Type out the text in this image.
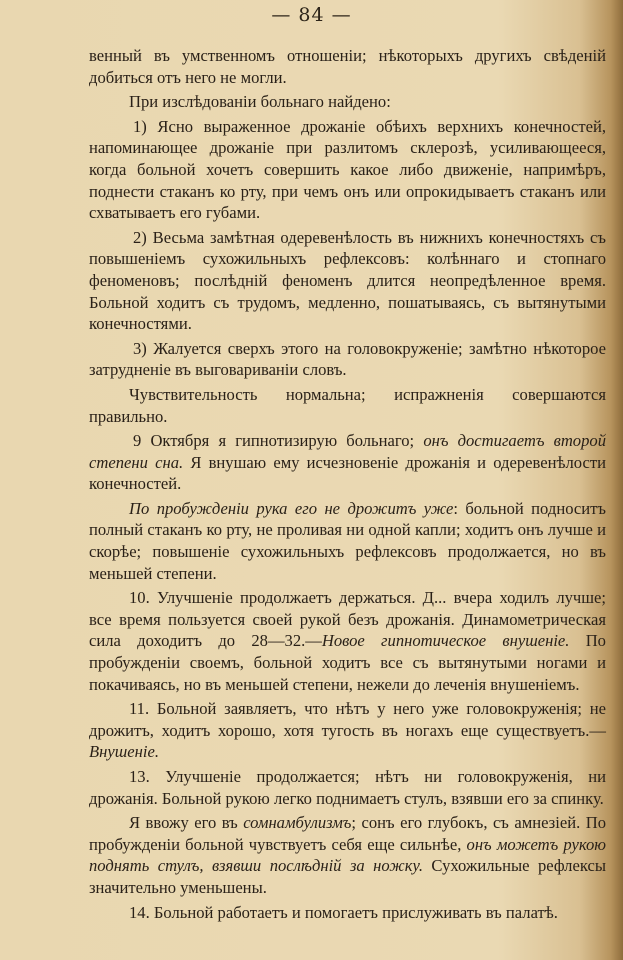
— 84 —

венный въ умственномъ отношеніи; нѣкоторыхъ другихъ свѣденій добиться отъ него не могли.

При изслѣдованіи больнаго найдено:

1) Ясно выраженное дрожаніе обѣихъ верхнихъ конечностей, напоминающее дрожаніе при разлитомъ склерозѣ, усиливающееся, когда больной хочетъ совершить какое либо движеніе, напримѣръ, поднести стаканъ ко рту, при чемъ онъ или опрокидываетъ стаканъ или схватываетъ его губами.

2) Весьма замѣтная одеревенѣлость въ нижнихъ конечностяхъ съ повышеніемъ сухожильныхъ рефлексовъ: колѣннаго и стопнаго феноменовъ; послѣдній феноменъ длится неопредѣленное время. Больной ходитъ съ трудомъ, медленно, пошатываясь, съ вытянутыми конечностями.

3) Жалуется сверхъ этого на головокруженіе; замѣтно нѣкоторое затрудненіе въ выговариваніи словъ.

Чувствительность нормальна; испражненія совершаются правильно.

9 Октября я гипнотизирую больнаго; онъ достигаетъ второй степени сна. Я внушаю ему исчезновеніе дрожанія и одеревенѣлости конечностей.

По пробужденіи рука его не дрожитъ уже: больной подноситъ полный стаканъ ко рту, не проливая ни одной капли; ходитъ онъ лучше и скорѣе; повышеніе сухожильныхъ рефлексовъ продолжается, но въ меньшей степени.

10. Улучшеніе продолжаетъ держаться. Д... вчера ходилъ лучше; все время пользуется своей рукой безъ дрожанія. Динамометрическая сила доходитъ до 28—32.—Новое гипнотическое внушеніе. По пробужденіи своемъ, больной ходитъ все съ вытянутыми ногами и покачиваясь, но въ меньшей степени, нежели до леченія внушеніемъ.

11. Больной заявляетъ, что нѣтъ у него уже головокруженія; не дрожитъ, ходитъ хорошо, хотя тугость въ ногахъ еще существуетъ.—Внушеніе.

13. Улучшеніе продолжается; нѣтъ ни головокруженія, ни дрожанія. Больной рукою легко поднимаетъ стулъ, взявши его за спинку.

Я ввожу его въ сомнамбулизмъ; сонъ его глубокъ, съ амнезіей. По пробужденіи больной чувствуетъ себя еще сильнѣе, онъ можетъ рукою поднять стулъ, взявши послѣдній за ножку. Сухожильные рефлексы значительно уменьшены.

14. Больной работаетъ и помогаетъ прислуживать въ палатѣ.
